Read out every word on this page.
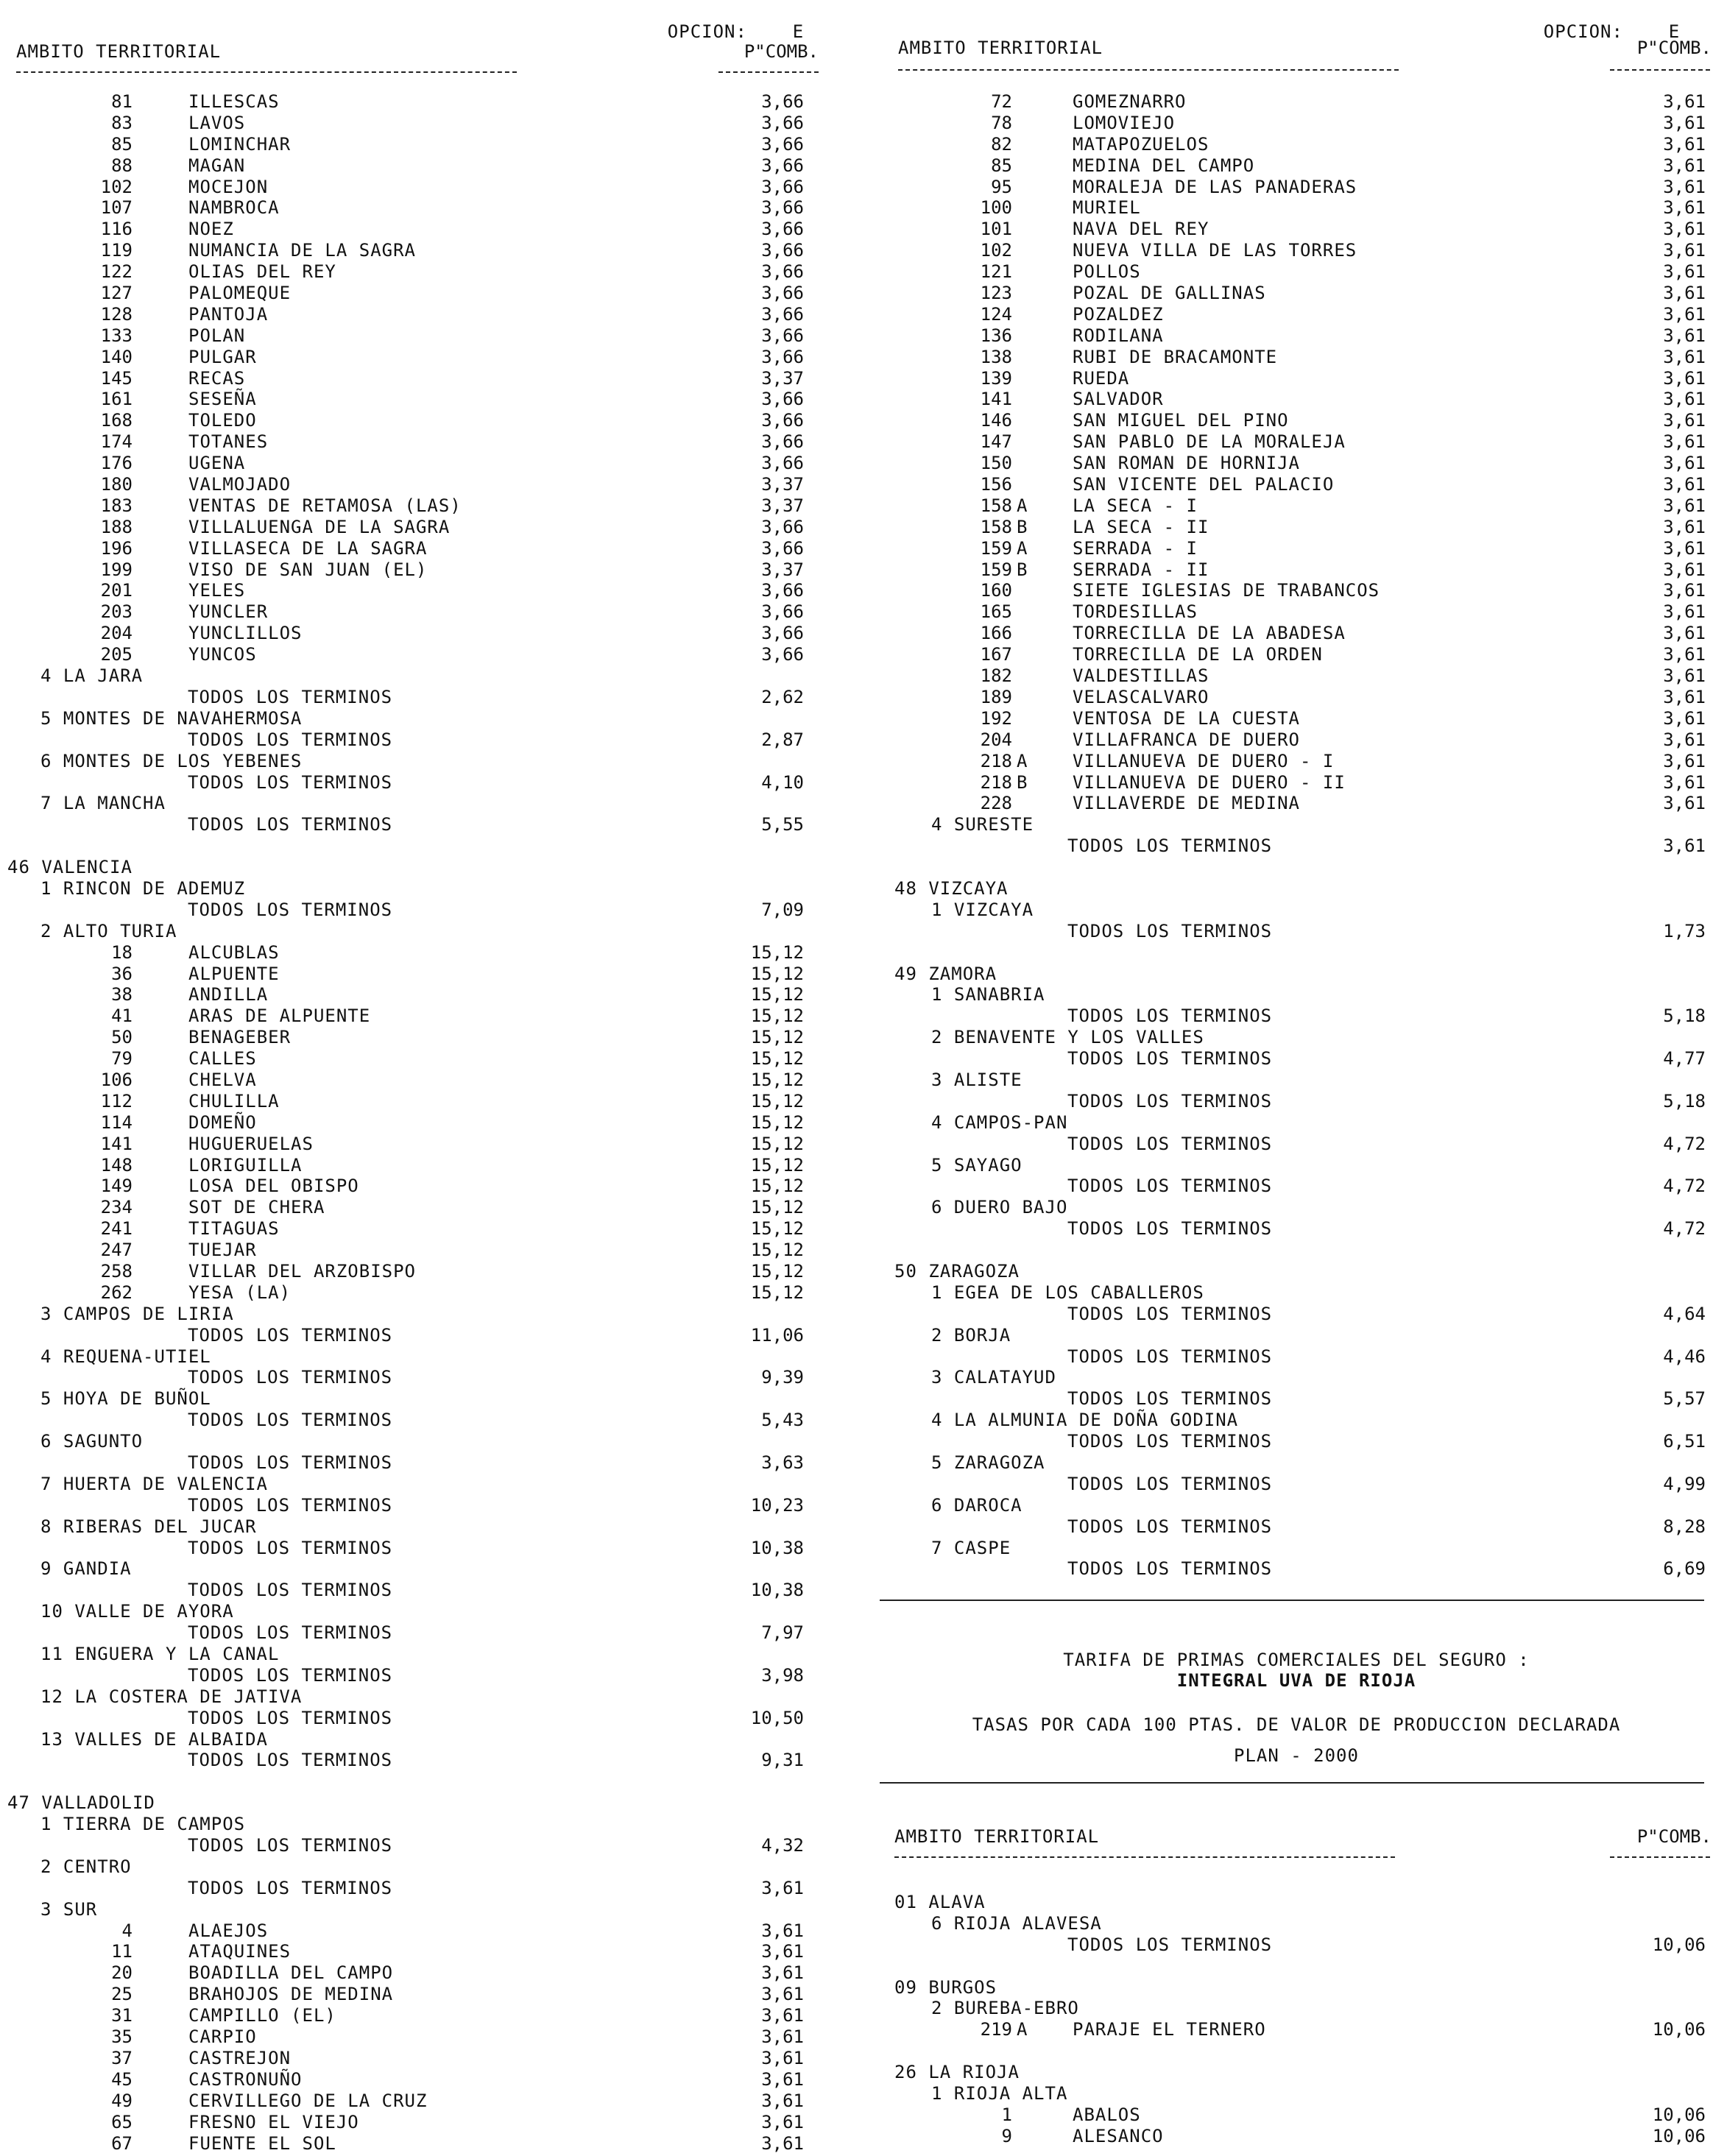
OPCION:	E

AMBITO TERRITORIAL	P"COMB.
81	ILLESCAS	3,66
83	LAVOS	3,66
85	LOMINCHAR	3,66
88	MAGAN	3,66
102	MOCEJON	3,66
107	NAMBROCA	3,66
116	NOEZ	3,66
119	NUMANCIA DE LA SAGRA	3,66
122	OLIAS DEL REY	3,66
127	PALOMEQUE	3,66
128	PANTOJA	3,66
133	POLAN	3,66
140	PULGAR	3,66
145	RECAS	3,37
161	SESEÑA	3,66
168	TOLEDO	3,66
174	TOTANES	3,66
176	UGENA	3,66
180	VALMOJADO	3,37
183	VENTAS DE RETAMOSA (LAS)	3,37
188	VILLALUENGA DE LA SAGRA	3,66
196	VILLASECA DE LA SAGRA	3,66
199	VISO DE SAN JUAN (EL)	3,37
201	YELES	3,66
203	YUNCLER	3,66
204	YUNCLILLOS	3,66
205	YUNCOS	3,66
4 LA JARA
TODOS LOS TERMINOS	2,62
5 MONTES DE NAVAHERMOSA
TODOS LOS TERMINOS	2,87
6 MONTES DE LOS YEBENES
TODOS LOS TERMINOS	4,10
7 LA MANCHA
TODOS LOS TERMINOS	5,55
46 VALENCIA
1 RINCON DE ADEMUZ
TODOS LOS TERMINOS	7,09
2 ALTO TURIA
18	ALCUBLAS	15,12
36	ALPUENTE	15,12
38	ANDILLA	15,12
41	ARAS DE ALPUENTE	15,12
50	BENAGEBER	15,12
79	CALLES	15,12
106	CHELVA	15,12
112	CHULILLA	15,12
114	DOMEÑO	15,12
141	HUGUERUELAS	15,12
148	LORIGUILLA	15,12
149	LOSA DEL OBISPO	15,12
234	SOT DE CHERA	15,12
241	TITAGUAS	15,12
247	TUEJAR	15,12
258	VILLAR DEL ARZOBISPO	15,12
262	YESA (LA)	15,12
3 CAMPOS DE LIRIA
TODOS LOS TERMINOS	11,06
4 REQUENA-UTIEL
TODOS LOS TERMINOS	9,39
5 HOYA DE BUÑOL
TODOS LOS TERMINOS	5,43
6 SAGUNTO
TODOS LOS TERMINOS	3,63
7 HUERTA DE VALENCIA
TODOS LOS TERMINOS	10,23
8 RIBERAS DEL JUCAR
TODOS LOS TERMINOS	10,38
9 GANDIA
TODOS LOS TERMINOS	10,38
10 VALLE DE AYORA
TODOS LOS TERMINOS	7,97
11 ENGUERA Y LA CANAL
TODOS LOS TERMINOS	3,98
12 LA COSTERA DE JATIVA
TODOS LOS TERMINOS	10,50
13 VALLES DE ALBAIDA
TODOS LOS TERMINOS	9,31
47 VALLADOLID
1 TIERRA DE CAMPOS
TODOS LOS TERMINOS	4,32
2 CENTRO
TODOS LOS TERMINOS	3,61
3 SUR
4	ALAEJOS	3,61
11	ATAQUINES	3,61
20	BOADILLA DEL CAMPO	3,61
25	BRAHOJOS DE MEDINA	3,61
31	CAMPILLO (EL)	3,61
35	CARPIO	3,61
37	CASTREJON	3,61
45	CASTRONUÑO	3,61
49	CERVILLEGO DE LA CRUZ	3,61
65	FRESNO EL VIEJO	3,61
67	FUENTE EL SOL	3,61

OPCION:	E

AMBITO TERRITORIAL	P"COMB.
72	GOMEZNARRO	3,61
78	LOMOVIEJO	3,61
82	MATAPOZUELOS	3,61
85	MEDINA DEL CAMPO	3,61
95	MORALEJA DE LAS PANADERAS	3,61
100	MURIEL	3,61
101	NAVA DEL REY	3,61
102	NUEVA VILLA DE LAS TORRES	3,61
121	POLLOS	3,61
123	POZAL DE GALLINAS	3,61
124	POZALDEZ	3,61
136	RODILANA	3,61
138	RUBI DE BRACAMONTE	3,61
139	RUEDA	3,61
141	SALVADOR	3,61
146	SAN MIGUEL DEL PINO	3,61
147	SAN PABLO DE LA MORALEJA	3,61
150	SAN ROMAN DE HORNIJA	3,61
156	SAN VICENTE DEL PALACIO	3,61
158 A	LA SECA - I	3,61
158 B	LA SECA - II	3,61
159 A	SERRADA - I	3,61
159 B	SERRADA - II	3,61
160	SIETE IGLESIAS DE TRABANCOS	3,61
165	TORDESILLAS	3,61
166	TORRECILLA DE LA ABADESA	3,61
167	TORRECILLA DE LA ORDEN	3,61
182	VALDESTILLAS	3,61
189	VELASCALVARO	3,61
192	VENTOSA DE LA CUESTA	3,61
204	VILLAFRANCA DE DUERO	3,61
218 A	VILLANUEVA DE DUERO - I	3,61
218 B	VILLANUEVA DE DUERO - II	3,61
228	VILLAVERDE DE MEDINA	3,61
4 SURESTE
TODOS LOS TERMINOS	3,61
48 VIZCAYA
1 VIZCAYA
TODOS LOS TERMINOS	1,73
49 ZAMORA
1 SANABRIA
TODOS LOS TERMINOS	5,18
2 BENAVENTE Y LOS VALLES
TODOS LOS TERMINOS	4,77
3 ALISTE
TODOS LOS TERMINOS	5,18
4 CAMPOS-PAN
TODOS LOS TERMINOS	4,72
5 SAYAGO
TODOS LOS TERMINOS	4,72
6 DUERO BAJO
TODOS LOS TERMINOS	4,72
50 ZARAGOZA
1 EGEA DE LOS CABALLEROS
TODOS LOS TERMINOS	4,64
2 BORJA
TODOS LOS TERMINOS	4,46
3 CALATAYUD
TODOS LOS TERMINOS	5,57
4 LA ALMUNIA DE DOÑA GODINA
TODOS LOS TERMINOS	6,51
5 ZARAGOZA
TODOS LOS TERMINOS	4,99
6 DAROCA
TODOS LOS TERMINOS	8,28
7 CASPE
TODOS LOS TERMINOS	6,69
TARIFA DE PRIMAS COMERCIALES DEL SEGURO :
INTEGRAL UVA DE RIOJA
TASAS POR CADA 100 PTAS. DE VALOR DE PRODUCCION DECLARADA
PLAN - 2000
AMBITO TERRITORIAL	P"COMB.
01 ALAVA
6 RIOJA ALAVESA
TODOS LOS TERMINOS	10,06
09 BURGOS
2 BUREBA-EBRO
219 A	PARAJE EL TERNERO	10,06
26 LA RIOJA
1 RIOJA ALTA
1	ABALOS	10,06
9	ALESANCO	10,06
